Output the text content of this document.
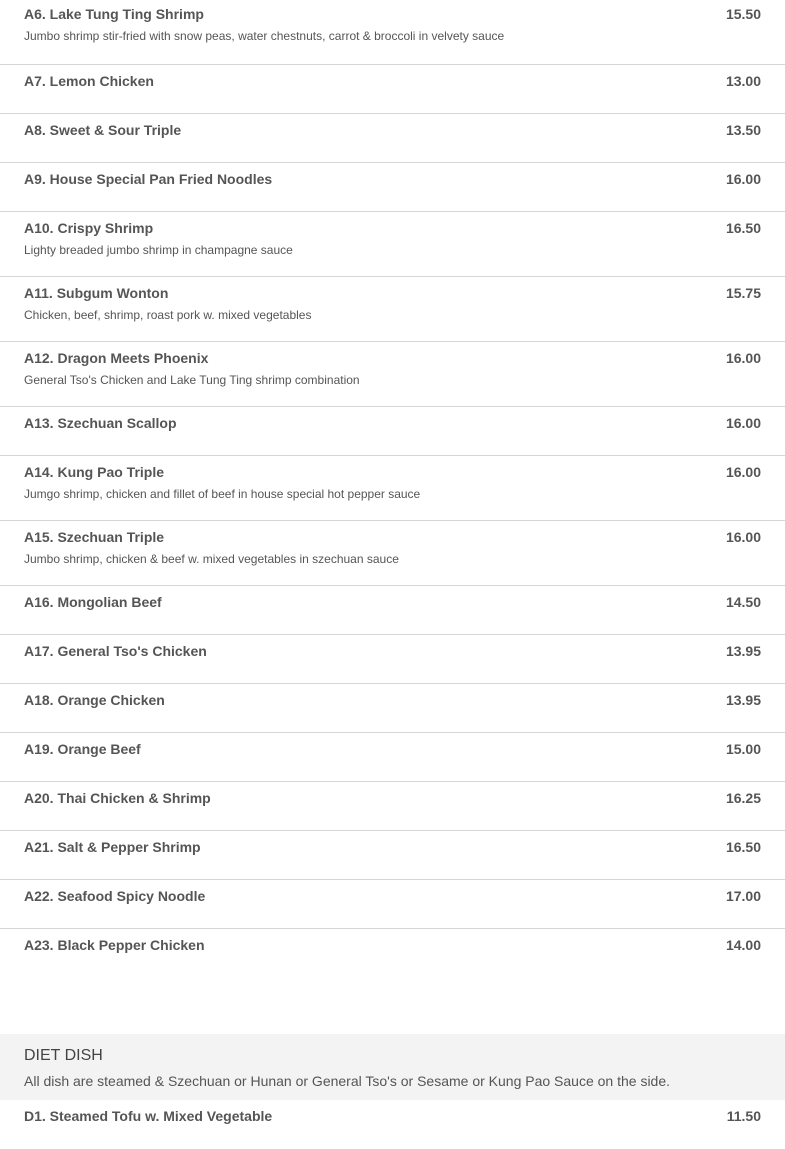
A6. Lake Tung Ting Shrimp	15.50
Jumbo shrimp stir-fried with snow peas, water chestnuts, carrot & broccoli in velvety sauce
A7. Lemon Chicken	13.00
A8. Sweet & Sour Triple	13.50
A9. House Special Pan Fried Noodles	16.00
A10. Crispy Shrimp	16.50
Lighty breaded jumbo shrimp in champagne sauce
A11. Subgum Wonton	15.75
Chicken, beef, shrimp, roast pork w. mixed vegetables
A12. Dragon Meets Phoenix	16.00
General Tso's Chicken and Lake Tung Ting shrimp combination
A13. Szechuan Scallop	16.00
A14. Kung Pao Triple	16.00
Jumgo shrimp, chicken and fillet of beef in house special hot pepper sauce
A15. Szechuan Triple	16.00
Jumbo shrimp, chicken & beef w. mixed vegetables in szechuan sauce
A16. Mongolian Beef	14.50
A17. General Tso's Chicken	13.95
A18. Orange Chicken	13.95
A19. Orange Beef	15.00
A20. Thai Chicken & Shrimp	16.25
A21. Salt & Pepper Shrimp	16.50
A22. Seafood Spicy Noodle	17.00
A23. Black Pepper Chicken	14.00
DIET DISH
All dish are steamed & Szechuan or Hunan or General Tso's or Sesame or Kung Pao Sauce on the side.
D1. Steamed Tofu w. Mixed Vegetable	11.50
